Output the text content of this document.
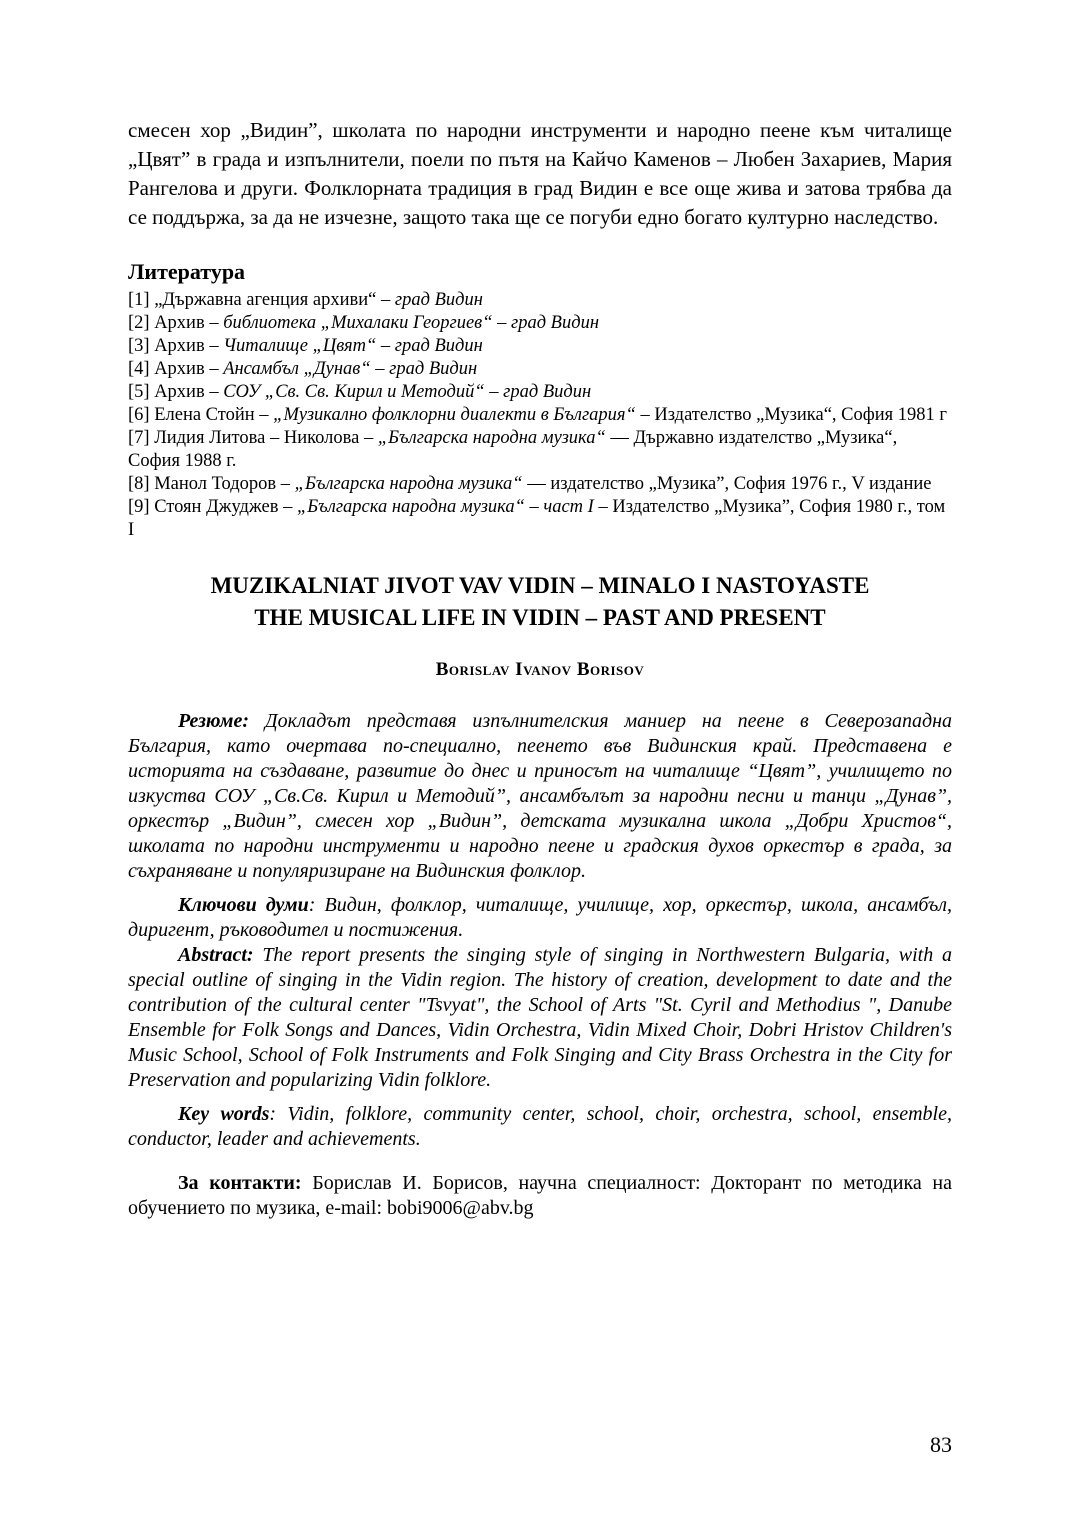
смесен хор „Видин”, школата по народни инструменти и народно пеене към читалище „Цвят” в града и изпълнители, поели по пътя на Кайчо Каменов – Любен Захариев, Мария Рангелова и други. Фолклорната традиция в град Видин е все още жива и затова трябва да се поддържа, за да не изчезне, защото така ще се погуби едно богато културно наследство.

Литература
[1] „Държавна агенция архиви“ – град Видин
[2] Архив – библиотека „Михалаки Георгиев“ – град Видин
[3] Архив – Читалище „Цвят“ – град Видин
[4] Архив – Ансамбъл „Дунав“ – град Видин
[5] Архив – СОУ „Св. Св. Кирил и Методий“ – град Видин
[6] Елена Стойн – „Музикално фолклорни диалекти в България“ – Издателство „Музика“, София 1981 г
[7] Лидия Литова – Николова – „Българска народна музика“ — Държавно издателство „Музика“, София 1988 г.
[8] Манол Тодоров – „Българска народна музика“ — издателство „Музика”, София 1976 г., V издание
[9] Стоян Джуджев – „Българска народна музика“ – част I – Издателство „Музика”, София 1980 г., том I
MUZIKALNIAT JIVOT VAV VIDIN – MINALO I NASTOYASTE
THE MUSICAL LIFE IN VIDIN – PAST AND PRESENT
Borislav Ivanov Borisov

Резюме: Докладът представя изпълнителския маниер на пеене в Северозападна България, като очертава по-специално, пеенето във Видинския край. Представена е историята на създаване, развитие до днес и приносът на читалище “Цвят”, училището по изкуства СОУ „Св.Св. Кирил и Методий”, ансамбълът за народни песни и танци „Дунав”, оркестър „Видин”, смесен хор „Видин”, детската музикална школа „Добри Христов“, школата по народни инструменти и народно пеене и градския духов оркестър в града, за съхраняване и популяризиране на Видинския фолклор.

Ключови думи: Видин, фолклор, читалище, училище, хор, оркестър, школа, ансамбъл, диригент, ръководител и постижения.

Abstract: The report presents the singing style of singing in Northwestern Bulgaria, with a special outline of singing in the Vidin region. The history of creation, development to date and the contribution of the cultural center "Tsvyat", the School of Arts "St. Cyril and Methodius ", Danube Ensemble for Folk Songs and Dances, Vidin Orchestra, Vidin Mixed Choir, Dobri Hristov Children's Music School, School of Folk Instruments and Folk Singing and City Brass Orchestra in the City for Preservation and popularizing Vidin folklore.

Key words: Vidin, folklore, community center, school, choir, orchestra, school, ensemble, conductor, leader and achievements.

За контакти: Борислав И. Борисов, научна специалност: Докторант по методика на обучението по музика, e-mail: bobi9006@abv.bg

83
